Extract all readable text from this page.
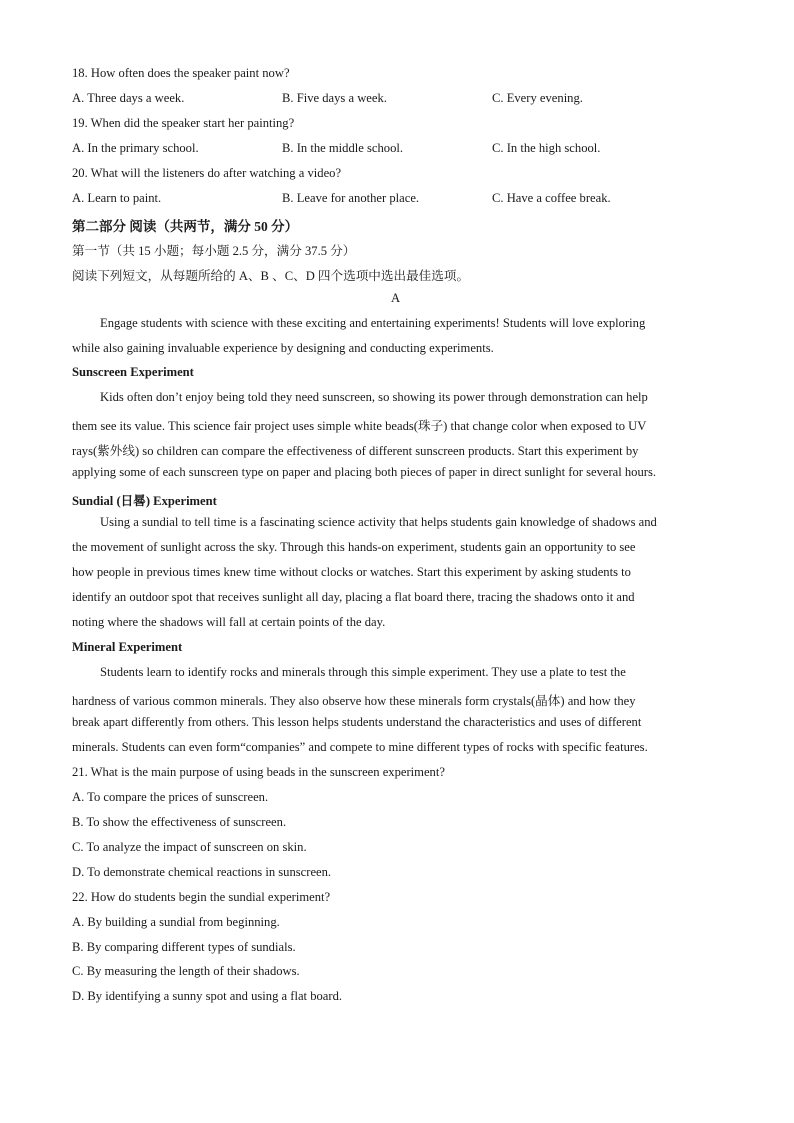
18. How often does the speaker paint now?
A. Three days a week.	B. Five days a week.	C. Every evening.
19. When did the speaker start her painting?
A. In the primary school.	B. In the middle school.	C. In the high school.
20. What will the listeners do after watching a video?
A. Learn to paint.	B. Leave for another place.	C. Have a coffee break.
第二部分 阅读（共两节，满分 50 分）
第一节（共 15 小题；每小题 2.5 分，满分 37.5 分）
阅读下列短文，从每题所给的 A、B 、C、D 四个选项中选出最佳选项。
A
Engage students with science with these exciting and entertaining experiments! Students will love exploring
while also gaining invaluable experience by designing and conducting experiments.
Sunscreen Experiment
Kids often don’t enjoy being told they need sunscreen, so showing its power through demonstration can help
them see its value. This science fair project uses simple white beads(珠子) that change color when exposed to UV
rays(紫外线) so children can compare the effectiveness of different sunscreen products. Start this experiment by
applying some of each sunscreen type on paper and placing both pieces of paper in direct sunlight for several hours.
Sundial (日晷) Experiment
Using a sundial to tell time is a fascinating science activity that helps students gain knowledge of shadows and
the movement of sunlight across the sky. Through this hands-on experiment, students gain an opportunity to see
how people in previous times knew time without clocks or watches. Start this experiment by asking students to
identify an outdoor spot that receives sunlight all day, placing a flat board there, tracing the shadows onto it and
noting where the shadows will fall at certain points of the day.
Mineral Experiment
Students learn to identify rocks and minerals through this simple experiment. They use a plate to test the
hardness of various common minerals. They also observe how these minerals form crystals(晶体) and how they
break apart differently from others. This lesson helps students understand the characteristics and uses of different
minerals. Students can even form“companies” and compete to mine different types of rocks with specific features.
21. What is the main purpose of using beads in the sunscreen experiment?
A. To compare the prices of sunscreen.
B. To show the effectiveness of sunscreen.
C. To analyze the impact of sunscreen on skin.
D. To demonstrate chemical reactions in sunscreen.
22. How do students begin the sundial experiment?
A. By building a sundial from beginning.
B. By comparing different types of sundials.
C. By measuring the length of their shadows.
D. By identifying a sunny spot and using a flat board.
